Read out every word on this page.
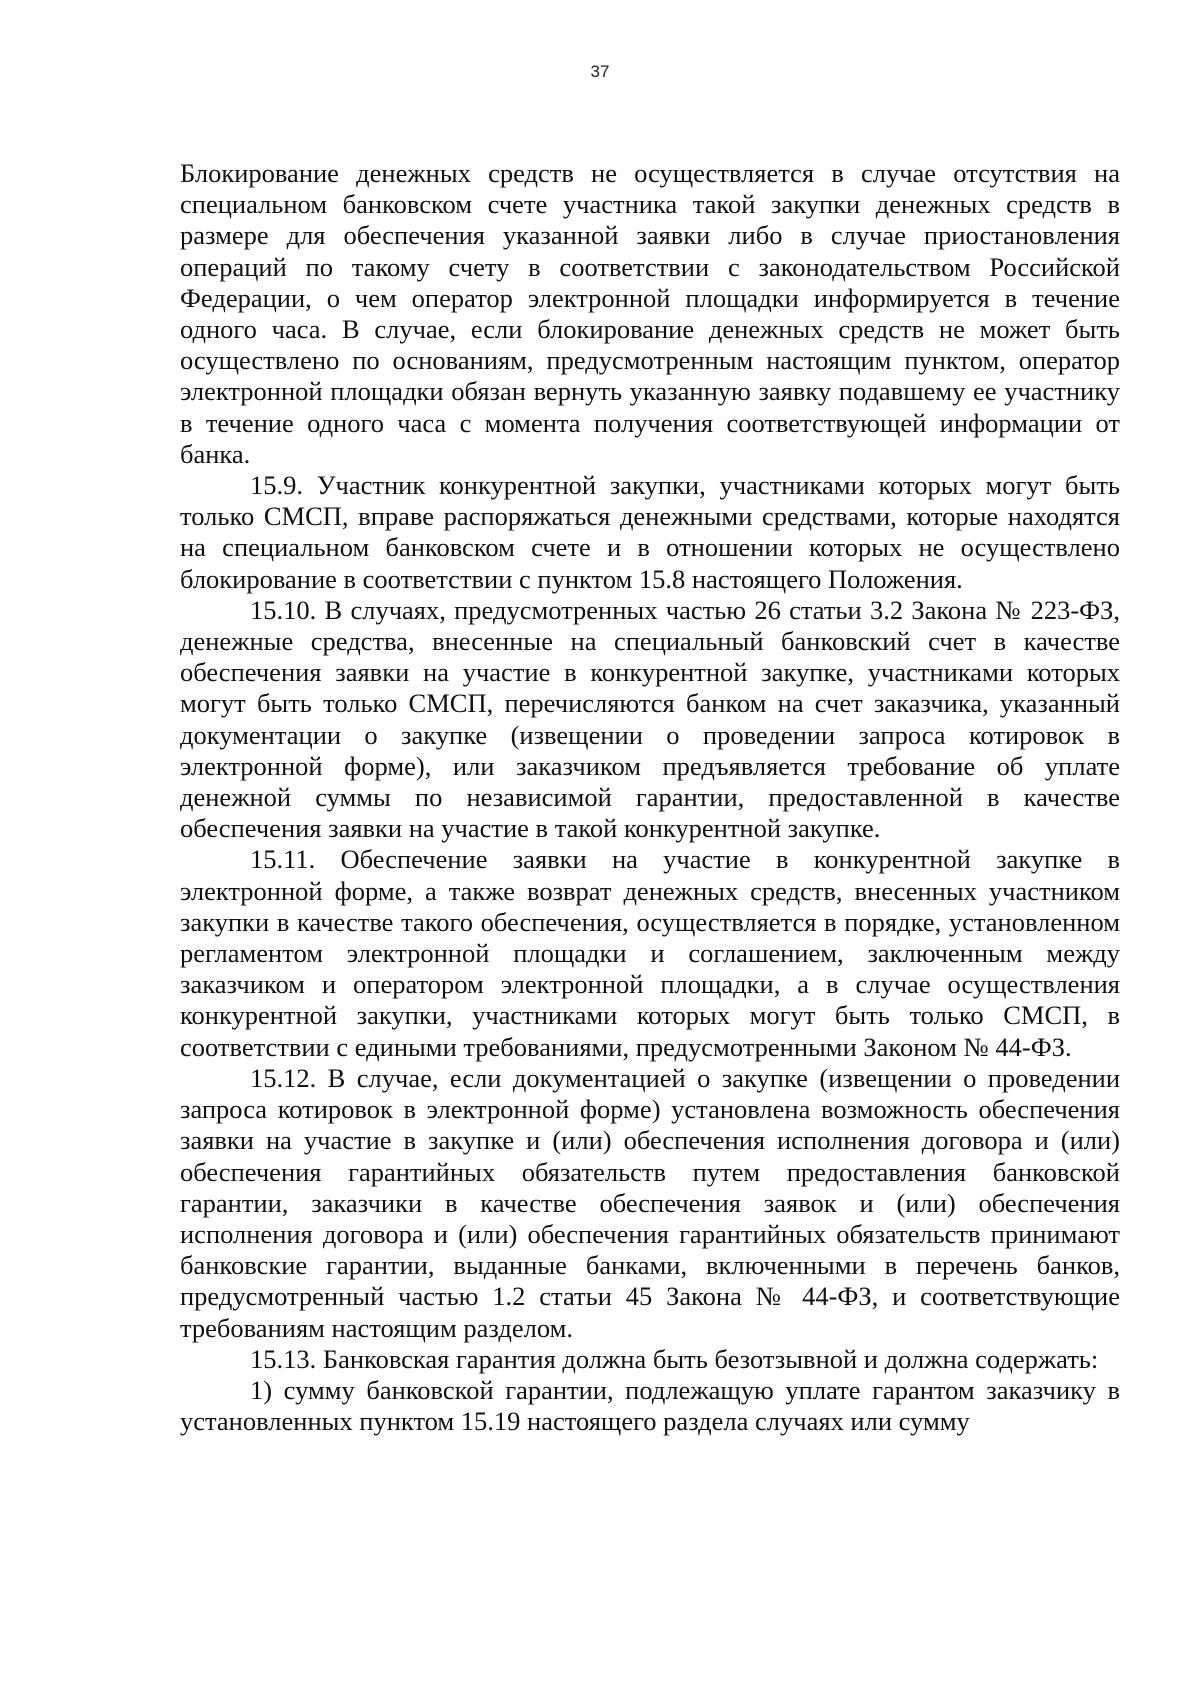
37

Блокирование денежных средств не осуществляется в случае отсутствия на специальном банковском счете участника такой закупки денежных средств в размере для обеспечения указанной заявки либо в случае приостановления операций по такому счету в соответствии с законодательством Российской Федерации, о чем оператор электронной площадки информируется в течение одного часа. В случае, если блокирование денежных средств не может быть осуществлено по основаниям, предусмотренным настоящим пунктом, оператор электронной площадки обязан вернуть указанную заявку подавшему ее участнику в течение одного часа с момента получения соответствующей информации от банка.

15.9. Участник конкурентной закупки, участниками которых могут быть только СМСП, вправе распоряжаться денежными средствами, которые находятся на специальном банковском счете и в отношении которых не осуществлено блокирование в соответствии с пунктом 15.8 настоящего Положения.

15.10. В случаях, предусмотренных частью 26 статьи 3.2 Закона № 223-ФЗ, денежные средства, внесенные на специальный банковский счет в качестве обеспечения заявки на участие в конкурентной закупке, участниками которых могут быть только СМСП, перечисляются банком на счет заказчика, указанный документации о закупке (извещении о проведении запроса котировок в электронной форме), или заказчиком предъявляется требование об уплате денежной суммы по независимой гарантии, предоставленной в качестве обеспечения заявки на участие в такой конкурентной закупке.

15.11. Обеспечение заявки на участие в конкурентной закупке в электронной форме, а также возврат денежных средств, внесенных участником закупки в качестве такого обеспечения, осуществляется в порядке, установленном регламентом электронной площадки и соглашением, заключенным между заказчиком и оператором электронной площадки, а в случае осуществления конкурентной закупки, участниками которых могут быть только СМСП, в соответствии с едиными требованиями, предусмотренными Законом № 44-ФЗ.

15.12. В случае, если документацией о закупке (извещении о проведении запроса котировок в электронной форме) установлена возможность обеспечения заявки на участие в закупке и (или) обеспечения исполнения договора и (или) обеспечения гарантийных обязательств путем предоставления банковской гарантии, заказчики в качестве обеспечения заявок и (или) обеспечения исполнения договора и (или) обеспечения гарантийных обязательств принимают банковские гарантии, выданные банками, включенными в перечень банков, предусмотренный частью 1.2 статьи 45 Закона № 44-ФЗ, и соответствующие требованиям настоящим разделом.

15.13. Банковская гарантия должна быть безотзывной и должна содержать:

1) сумму банковской гарантии, подлежащую уплате гарантом заказчику в установленных пунктом 15.19 настоящего раздела случаях или сумму
